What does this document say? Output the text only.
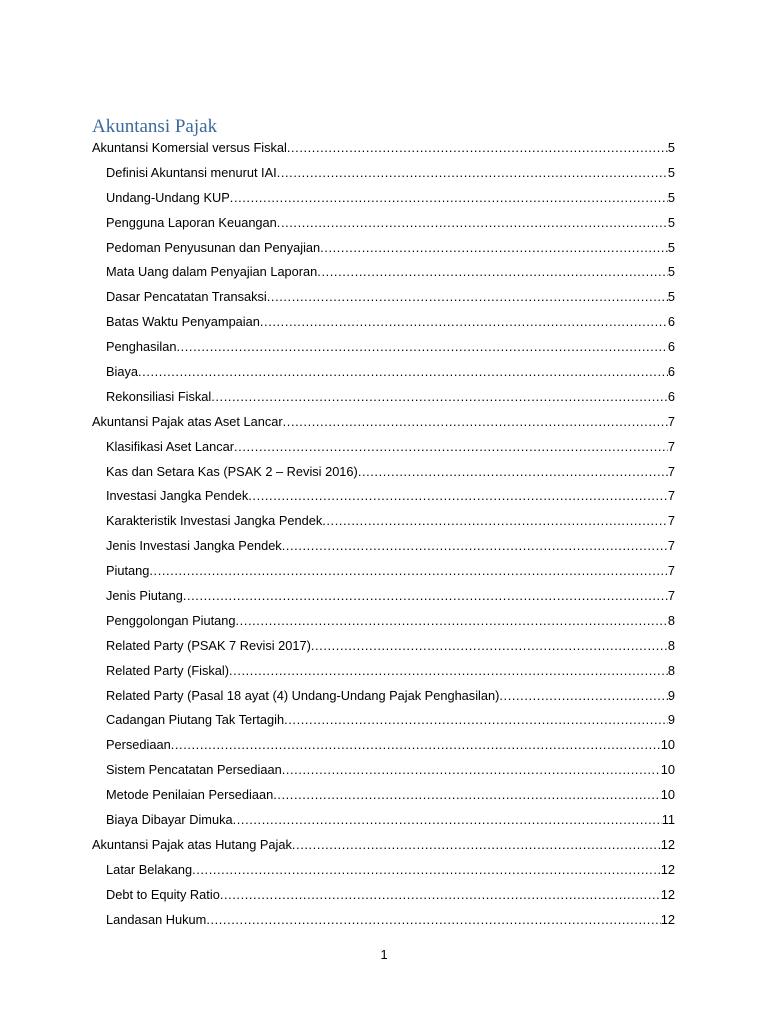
Akuntansi Pajak
Akuntansi Komersial versus Fiskal .....	5
Definisi Akuntansi menurut IAI .....	5
Undang-Undang KUP .....	5
Pengguna Laporan Keuangan .....	5
Pedoman Penyusunan dan Penyajian .....	5
Mata Uang dalam Penyajian Laporan .....	5
Dasar Pencatatan Transaksi .....	5
Batas Waktu Penyampaian .....	6
Penghasilan .....	6
Biaya .....	6
Rekonsiliasi Fiskal .....	6
Akuntansi Pajak atas Aset Lancar .....	7
Klasifikasi Aset Lancar .....	7
Kas dan Setara Kas (PSAK 2 – Revisi 2016) .....	7
Investasi Jangka Pendek .....	7
Karakteristik Investasi Jangka Pendek .....	7
Jenis Investasi Jangka Pendek .....	7
Piutang .....	7
Jenis Piutang .....	7
Penggolongan Piutang .....	8
Related Party (PSAK 7 Revisi 2017) .....	8
Related Party (Fiskal) .....	8
Related Party (Pasal 18 ayat (4) Undang-Undang Pajak Penghasilan) .....	9
Cadangan Piutang Tak Tertagih .....	9
Persediaan .....	10
Sistem Pencatatan Persediaan .....	10
Metode Penilaian Persediaan .....	10
Biaya Dibayar Dimuka .....	11
Akuntansi Pajak atas Hutang Pajak .....	12
Latar Belakang .....	12
Debt to Equity Ratio .....	12
Landasan Hukum .....	12
1
